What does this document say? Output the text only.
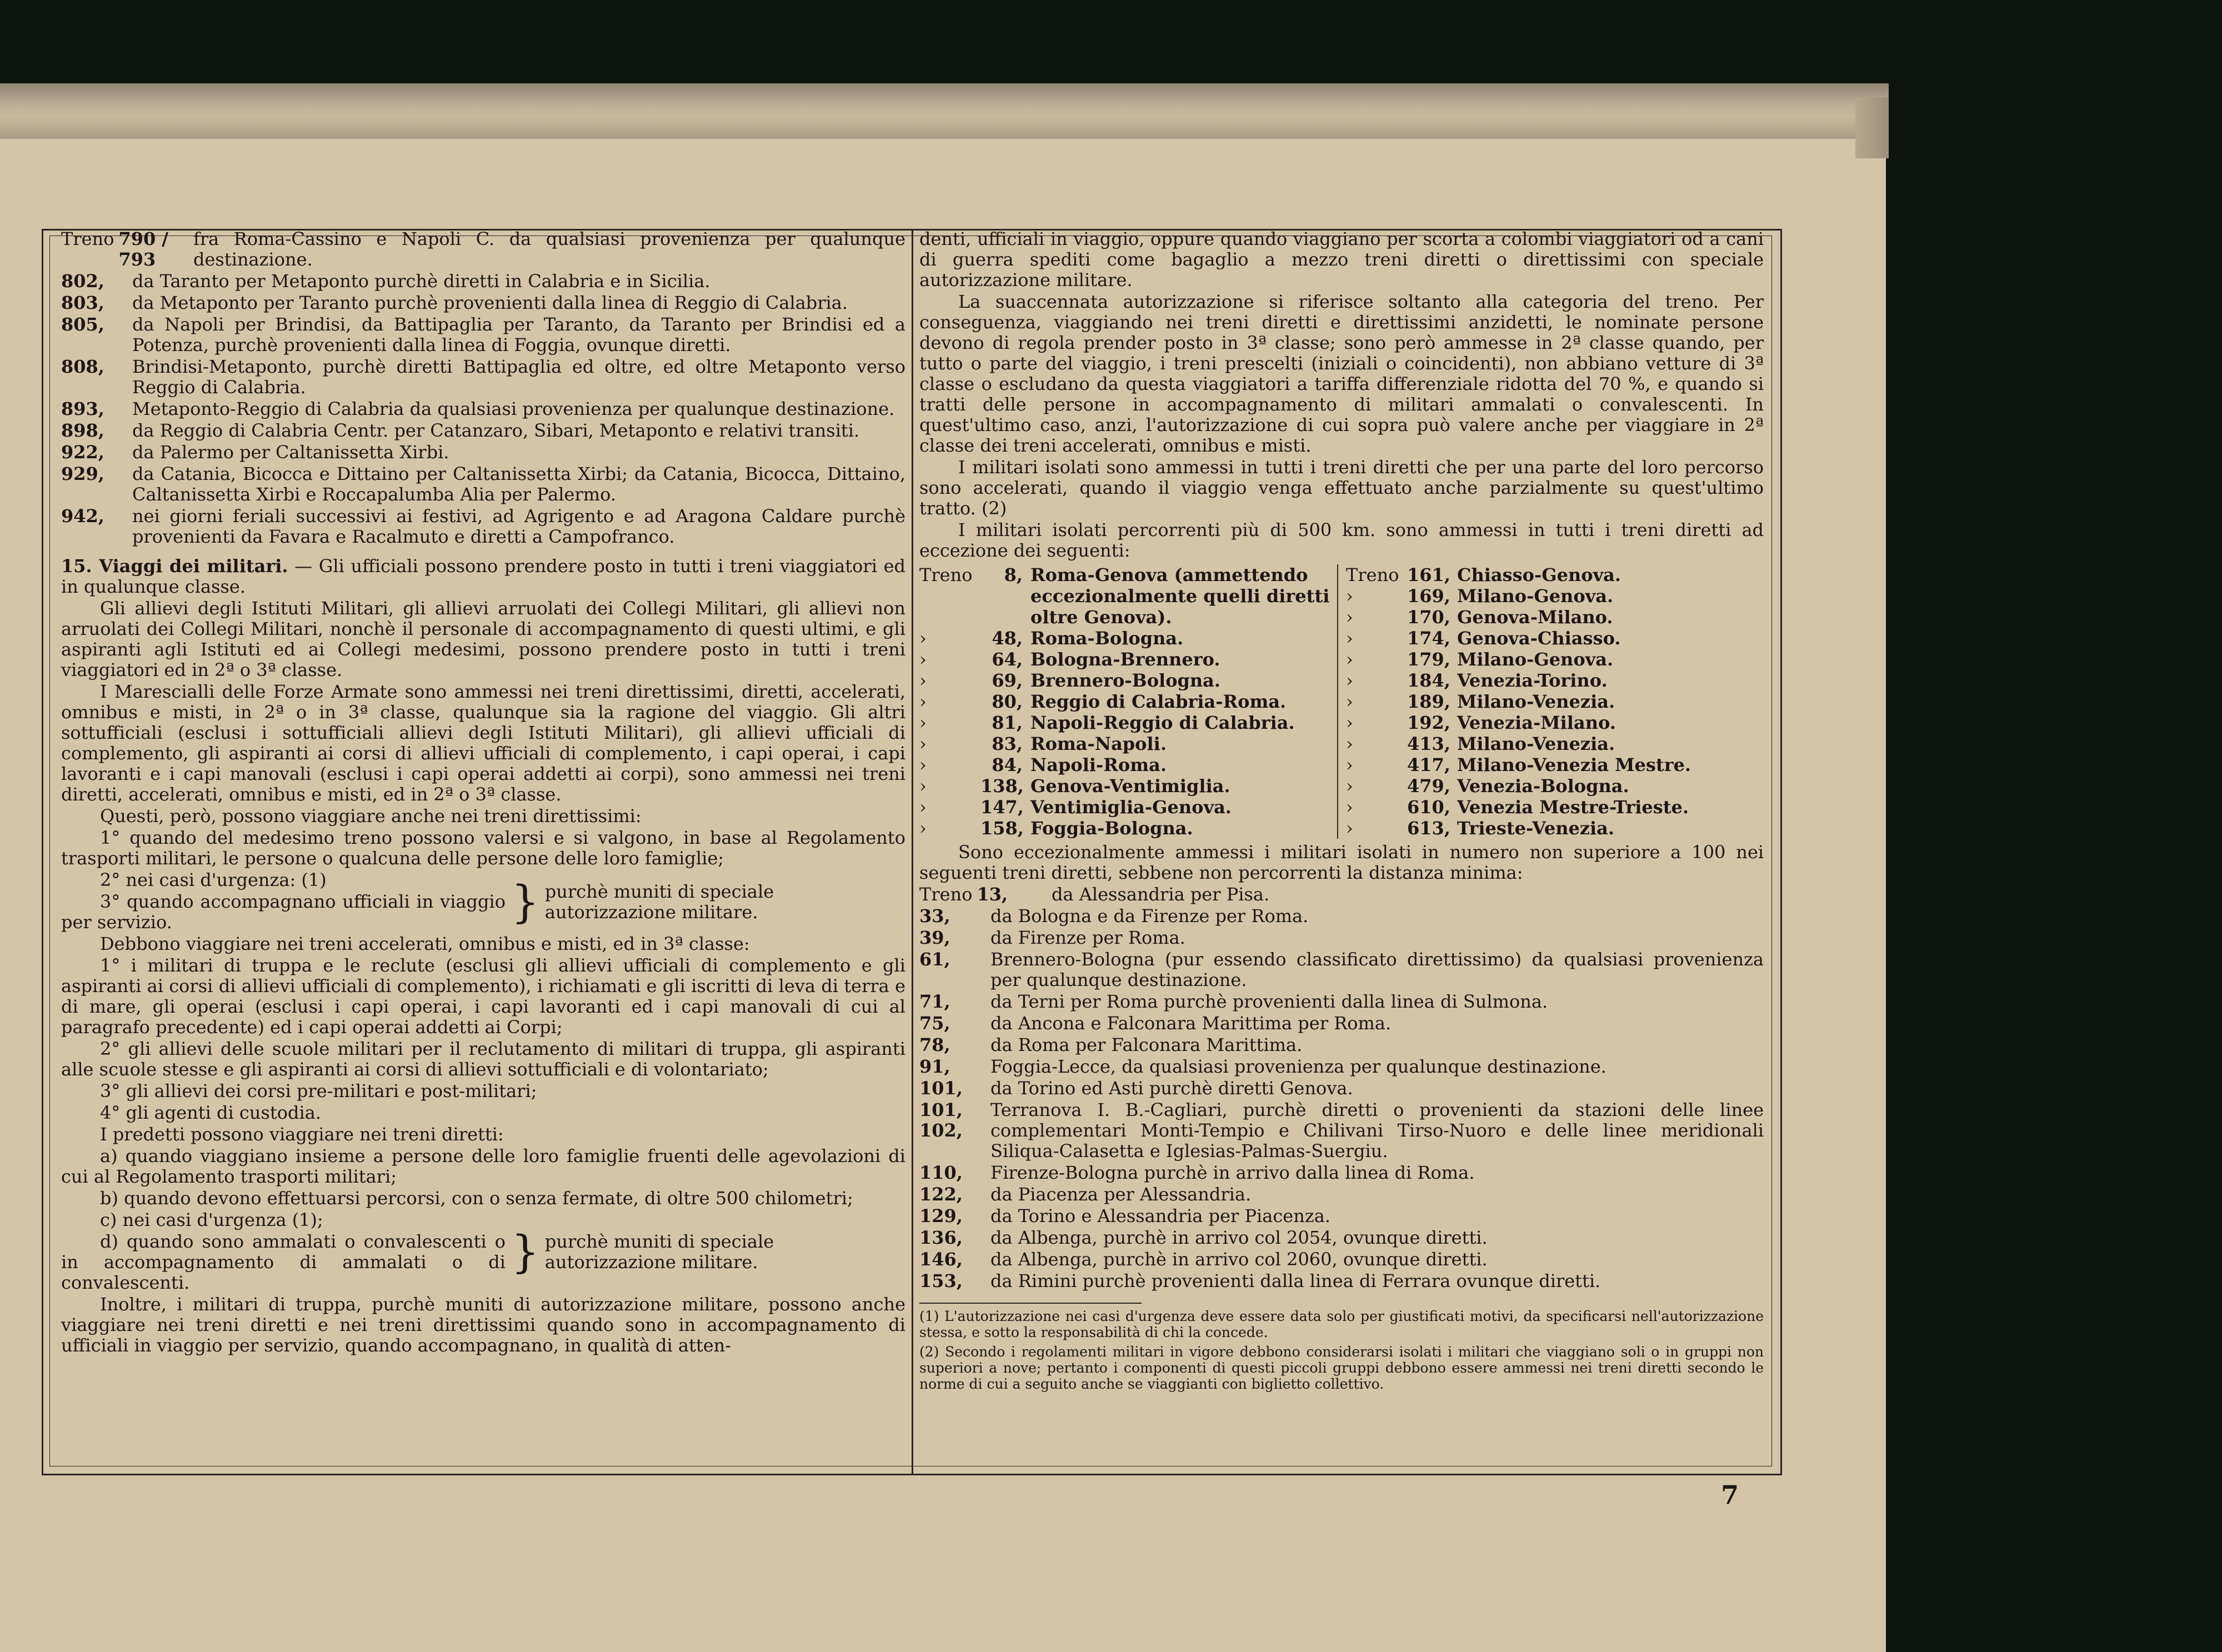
Treno 790 / 793
fra Roma-Cassino e Napoli C. da qualsiasi provenienza per qualunque destinazione.
802,	da Taranto per Metaponto purchè diretti in Calabria e in Sicilia.
803,	da Metaponto per Taranto purchè provenienti dalla linea di Reggio di Calabria.
805,	da Napoli per Brindisi, da Battipaglia per Taranto, da Taranto per Brindisi ed a Potenza, purchè provenienti dalla linea di Foggia, ovunque diretti.
808,	Brindisi-Metaponto, purchè diretti Battipaglia ed oltre, ed oltre Metaponto verso Reggio di Calabria.
893,	Metaponto-Reggio di Calabria da qualsiasi provenienza per qualunque destinazione.
898,	da Reggio di Calabria Centr. per Catanzaro, Sibari, Metaponto e relativi transiti.
922,	da Palermo per Caltanissetta Xirbi.
929,	da Catania, Bicocca e Dittaino per Caltanissetta Xirbi; da Catania, Bicocca, Dittaino, Caltanissetta Xirbi e Roccapalumba Alia per Palermo.
942,	nei giorni feriali successivi ai festivi, ad Agrigento e ad Aragona Caldare purchè provenienti da Favara e Racalmuto e diretti a Campofranco.
15. Viaggi dei militari. — Gli ufficiali possono prendere posto in tutti i treni viaggiatori ed in qualunque classe.
Gli allievi degli Istituti Militari, gli allievi arruolati dei Collegi Militari, gli allievi non arruolati dei Collegi Militari, nonchè il personale di accompagnamento di questi ultimi, e gli aspiranti agli Istituti ed ai Collegi medesimi, possono prendere posto in tutti i treni viaggiatori ed in 2ª o 3ª classe.
I Marescialli delle Forze Armate sono ammessi nei treni direttissimi, diretti, accelerati, omnibus e misti, in 2ª o in 3ª classe, qualunque sia la ragione del viaggio. Gli altri sottufficiali (esclusi i sottufficiali allievi degli Istituti Militari), gli allievi ufficiali di complemento, gli aspiranti ai corsi di allievi ufficiali di complemento, i capi operai, i capi lavoranti e i capi manovali (esclusi i capi operai addetti ai corpi), sono ammessi nei treni diretti, accelerati, omnibus e misti, ed in 2ª o 3ª classe.
Questi, però, possono viaggiare anche nei treni direttissimi:
1° quando del medesimo treno possono valersi e si valgono, in base al Regolamento trasporti militari, le persone o qualcuna delle persone delle loro famiglie;
2° nei casi d'urgenza: (1)
3° quando accompagnano ufficiali in viaggio per servizio.	} purchè muniti di speciale autorizzazione militare.
Debbono viaggiare nei treni accelerati, omnibus e misti, ed in 3ª classe:
1° i militari di truppa e le reclute (esclusi gli allievi ufficiali di complemento e gli aspiranti ai corsi di allievi ufficiali di complemento), i richiamati e gli iscritti di leva di terra e di mare, gli operai (esclusi i capi operai, i capi lavoranti ed i capi manovali di cui al paragrafo precedente) ed i capi operai addetti ai Corpi;
2° gli allievi delle scuole militari per il reclutamento di militari di truppa, gli aspiranti alle scuole stesse e gli aspiranti ai corsi di allievi sottufficiali e di volontariato;
3° gli allievi dei corsi pre-militari e post-militari;
4° gli agenti di custodia.
I predetti possono viaggiare nei treni diretti:
a) quando viaggiano insieme a persone delle loro famiglie fruenti delle agevolazioni di cui al Regolamento trasporti militari;
b) quando devono effettuarsi percorsi, con o senza fermate, di oltre 500 chilometri;
c) nei casi d'urgenza (1);
d) quando sono ammalati o convalescenti o in accompagnamento di ammalati o di convalescenti.
} purchè muniti di speciale autorizzazione militare.
Inoltre, i militari di truppa, purchè muniti di autorizzazione militare, possono anche viaggiare nei treni diretti e nei treni direttissimi quando sono in accompagnamento di ufficiali in viaggio per servizio, quando accompagnano, in qualità di atten-
denti, ufficiali in viaggio, oppure quando viaggiano per scorta a colombi viaggiatori od a cani di guerra spediti come bagaglio a mezzo treni diretti o direttissimi con speciale autorizzazione militare.
La suaccennata autorizzazione si riferisce soltanto alla categoria del treno. Per conseguenza, viaggiando nei treni diretti e direttissimi anzidetti, le nominate persone devono di regola prender posto in 3ª classe; sono però ammesse in 2ª classe quando, per tutto o parte del viaggio, i treni prescelti (iniziali o coincidenti), non abbiano vetture di 3ª classe o escludano da questa viaggiatori a tariffa differenziale ridotta del 70 %, e quando si tratti delle persone in accompagnamento di militari ammalati o convalescenti. In quest'ultimo caso, anzi, l'autorizzazione di cui sopra può valere anche per viaggiare in 2ª classe dei treni accelerati, omnibus e misti.
I militari isolati sono ammessi in tutti i treni diretti che per una parte del loro percorso sono accelerati, quando il viaggio venga effettuato anche parzialmente su quest'ultimo tratto. (2)
I militari isolati percorrenti più di 500 km. sono ammessi in tutti i treni diretti ad eccezione dei seguenti:
Treno	8, Roma-Genova (ammettendo eccezionalmente quelli diretti oltre Genova).
›	48, Roma-Bologna.
›	64, Bologna-Brennero.
›	69, Brennero-Bologna.
›	80, Reggio di Calabria-Roma.
›	81, Napoli-Reggio di Calabria.
›	83, Roma-Napoli.
›	84, Napoli-Roma.
›	138, Genova-Ventimiglia.
›	147, Ventimiglia-Genova.
›	158, Foggia-Bologna.
Treno 161, Chiasso-Genova.
›	169, Milano-Genova.
›	170, Genova-Milano.
›	174, Genova-Chiasso.
›	179, Milano-Genova.
›	184, Venezia-Torino.
›	189, Milano-Venezia.
›	192, Venezia-Milano.
›	413, Milano-Venezia.
›	417, Milano-Venezia Mestre.
›	479, Venezia-Bologna.
›	610, Venezia Mestre-Trieste.
›	613, Trieste-Venezia.
Sono eccezionalmente ammessi i militari isolati in numero non superiore a 100 nei seguenti treni diretti, sebbene non percorrenti la distanza minima:
Treno 13, da Alessandria per Pisa.
33,	da Bologna e da Firenze per Roma.
39,	da Firenze per Roma.
61,	Brennero-Bologna (pur essendo classificato direttissimo) da qualsiasi provenienza per qualunque destinazione.
71,	da Terni per Roma purchè provenienti dalla linea di Sulmona.
75,	da Ancona e Falconara Marittima per Roma.
78,	da Roma per Falconara Marittima.
91,	Foggia-Lecce, da qualsiasi provenienza per qualunque destinazione.
101,	da Torino ed Asti purchè diretti Genova.
101, 102,
Terranova I. B.-Cagliari, purchè diretti o provenienti da stazioni delle linee complementari Monti-Tempio e Chilivani Tirso-Nuoro e delle linee meridionali Siliqua-Calasetta e Iglesias-Palmas-Suergiu.
110,	Firenze-Bologna purchè in arrivo dalla linea di Roma.
122,	da Piacenza per Alessandria.
129,	da Torino e Alessandria per Piacenza.
136,	da Albenga, purchè in arrivo col 2054, ovunque diretti.
146,	da Albenga, purchè in arrivo col 2060, ovunque diretti.
153,	da Rimini purchè provenienti dalla linea di Ferrara ovunque diretti.
(1) L'autorizzazione nei casi d'urgenza deve essere data solo per giustificati motivi, da specificarsi nell'autorizzazione stessa, e sotto la responsabilità di chi la concede.
(2) Secondo i regolamenti militari in vigore debbono considerarsi isolati i militari che viaggiano soli o in gruppi non superiori a nove; pertanto i componenti di questi piccoli gruppi debbono essere ammessi nei treni diretti secondo le norme di cui a seguito anche se viaggianti con biglietto collettivo.
7
